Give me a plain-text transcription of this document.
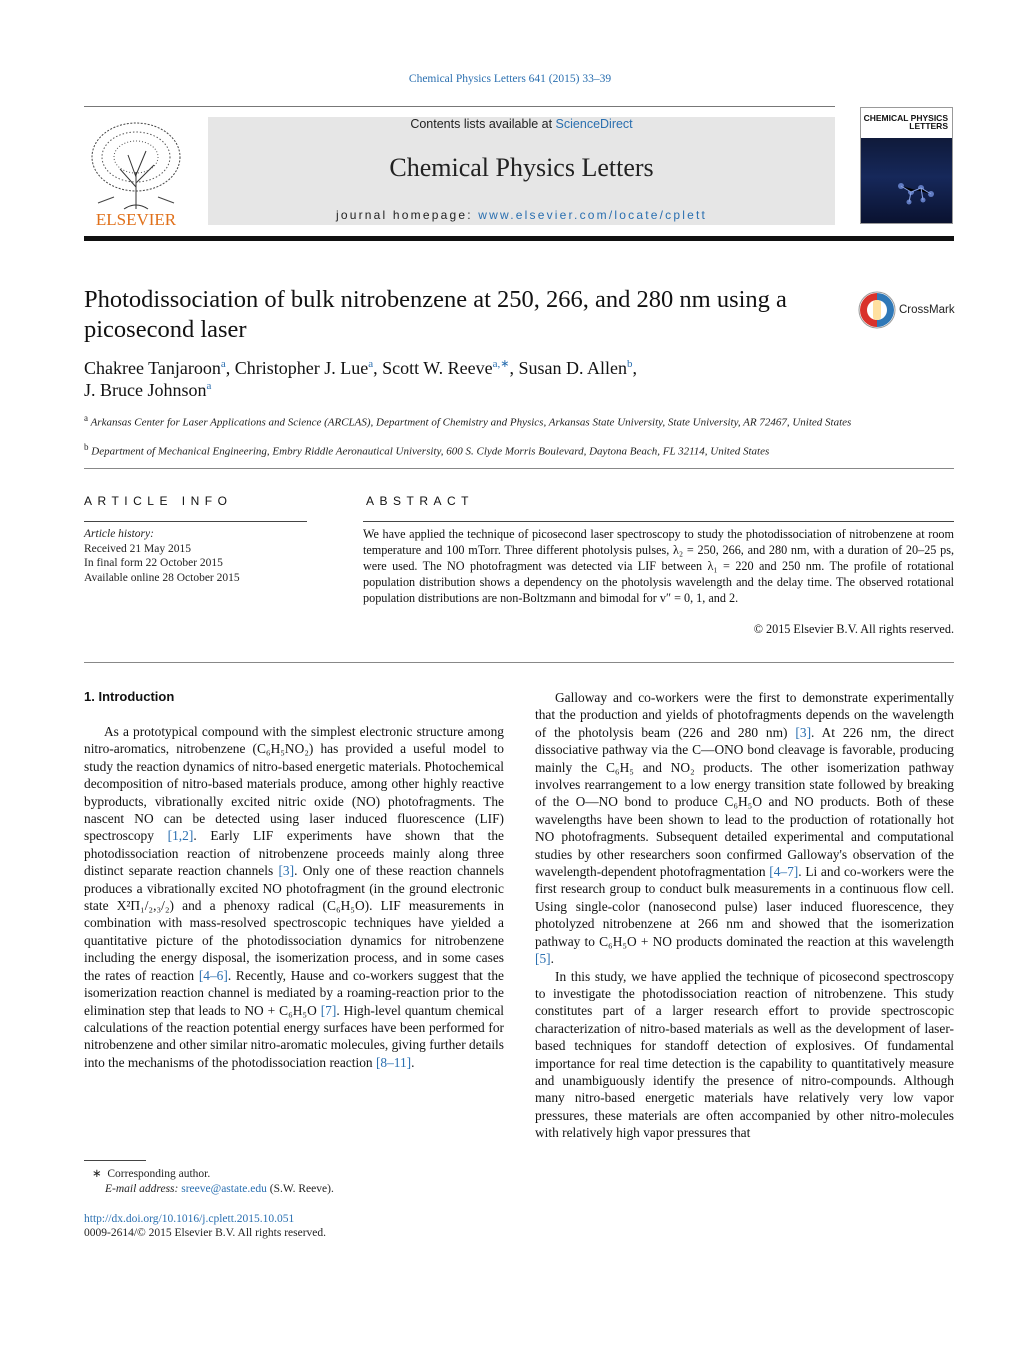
Chemical Physics Letters 641 (2015) 33–39
ELSEVIER
Contents lists available at ScienceDirect
Chemical Physics Letters
journal homepage: www.elsevier.com/locate/cplett
CHEMICAL PHYSICS LETTERS
Photodissociation of bulk nitrobenzene at 250, 266, and 280 nm using a picosecond laser
CrossMark
Chakree Tanjaroon$^a$, Christopher J. Lue$^a$, Scott W. Reeve$^{a,∗}$, Susan D. Allen$^b$,
J. Bruce Johnson$^a$
$^a$ Arkansas Center for Laser Applications and Science (ARCLAS), Department of Chemistry and Physics, Arkansas State University, State University, AR 72467, United States
$^b$ Department of Mechanical Engineering, Embry Riddle Aeronautical University, 600 S. Clyde Morris Boulevard, Daytona Beach, FL 32114, United States
ARTICLE INFO	ABSTRACT
Article history:
Received 21 May 2015
In final form 22 October 2015
Available online 28 October 2015
We have applied the technique of picosecond laser spectroscopy to study the photodissociation of nitrobenzene at room temperature and 100 mTorr. Three different photolysis pulses, λ₂ = 250, 266, and 280 nm, with a duration of 20–25 ps, were used. The NO photofragment was detected via LIF between λ₁ = 220 and 250 nm. The profile of rotational population distribution shows a dependency on the photolysis wavelength and the delay time. The observed rotational population distributions are non-Boltzmann and bimodal for v″ = 0, 1, and 2.
© 2015 Elsevier B.V. All rights reserved.
1. Introduction

As a prototypical compound with the simplest electronic structure among nitro-aromatics, nitrobenzene (C₆H₅NO₂) has provided a useful model to study the reaction dynamics of nitro-based energetic materials. Photochemical decomposition of nitro-based materials produce, among other highly reactive byproducts, vibrationally excited nitric oxide (NO) photofragments. The nascent NO can be detected using laser induced fluorescence (LIF) spectroscopy [1,2]. Early LIF experiments have shown that the photodissociation reaction of nitrobenzene proceeds mainly along three distinct separate reaction channels [3]. Only one of these reaction channels produces a vibrationally excited NO photofragment (in the ground electronic state X²Π₁/₂,₃/₂) and a phenoxy radical (C₆H₅O). LIF measurements in combination with mass-resolved spectroscopic techniques have yielded a quantitative picture of the photodissociation dynamics for nitrobenzene including the energy disposal, the isomerization process, and in some cases the rates of reaction [4–6]. Recently, Hause and co-workers suggest that the isomerization reaction channel is mediated by a roaming-reaction prior to the elimination step that leads to NO + C₆H₅O [7]. High-level quantum chemical calculations of the reaction potential energy surfaces have been performed for nitrobenzene and other similar nitro-aromatic molecules, giving further details into the mechanisms of the photodissociation reaction [8–11].

Galloway and co-workers were the first to demonstrate experimentally that the production and yields of photofragments depends on the wavelength of the photolysis beam (226 and 280 nm) [3]. At 226 nm, the direct dissociative pathway via the C—ONO bond cleavage is favorable, producing mainly the C₆H₅ and NO₂ products. The other isomerization pathway involves rearrangement to a low energy transition state followed by breaking of the O—NO bond to produce C₆H₅O and NO products. Both of these wavelengths have been shown to lead to the production of rotationally hot NO photofragments. Subsequent detailed experimental and computational studies by other researchers soon confirmed Galloway's observation of the wavelength-dependent photofragmentation [4–7]. Li and co-workers were the first research group to conduct bulk measurements in a continuous flow cell. Using single-color (nanosecond pulse) laser induced fluorescence, they photolyzed nitrobenzene at 266 nm and showed that the isomerization pathway to C₆H₅O + NO products dominated the reaction at this wavelength [5].

In this study, we have applied the technique of picosecond spectroscopy to investigate the photodissociation reaction of nitrobenzene. This study constitutes part of a larger research effort to provide spectroscopic characterization of nitro-based materials as well as the development of laser-based techniques for standoff detection of explosives. Of fundamental importance for real time detection is the capability to quantitatively measure and unambiguously identify the presence of nitro-compounds. Although many nitro-based energetic materials have relatively very low vapor pressures, these materials are often accompanied by other nitro-molecules with relatively high vapor pressures that

∗ Corresponding author.
E-mail address: sreeve@astate.edu (S.W. Reeve).
http://dx.doi.org/10.1016/j.cplett.2015.10.051
0009-2614/© 2015 Elsevier B.V. All rights reserved.
